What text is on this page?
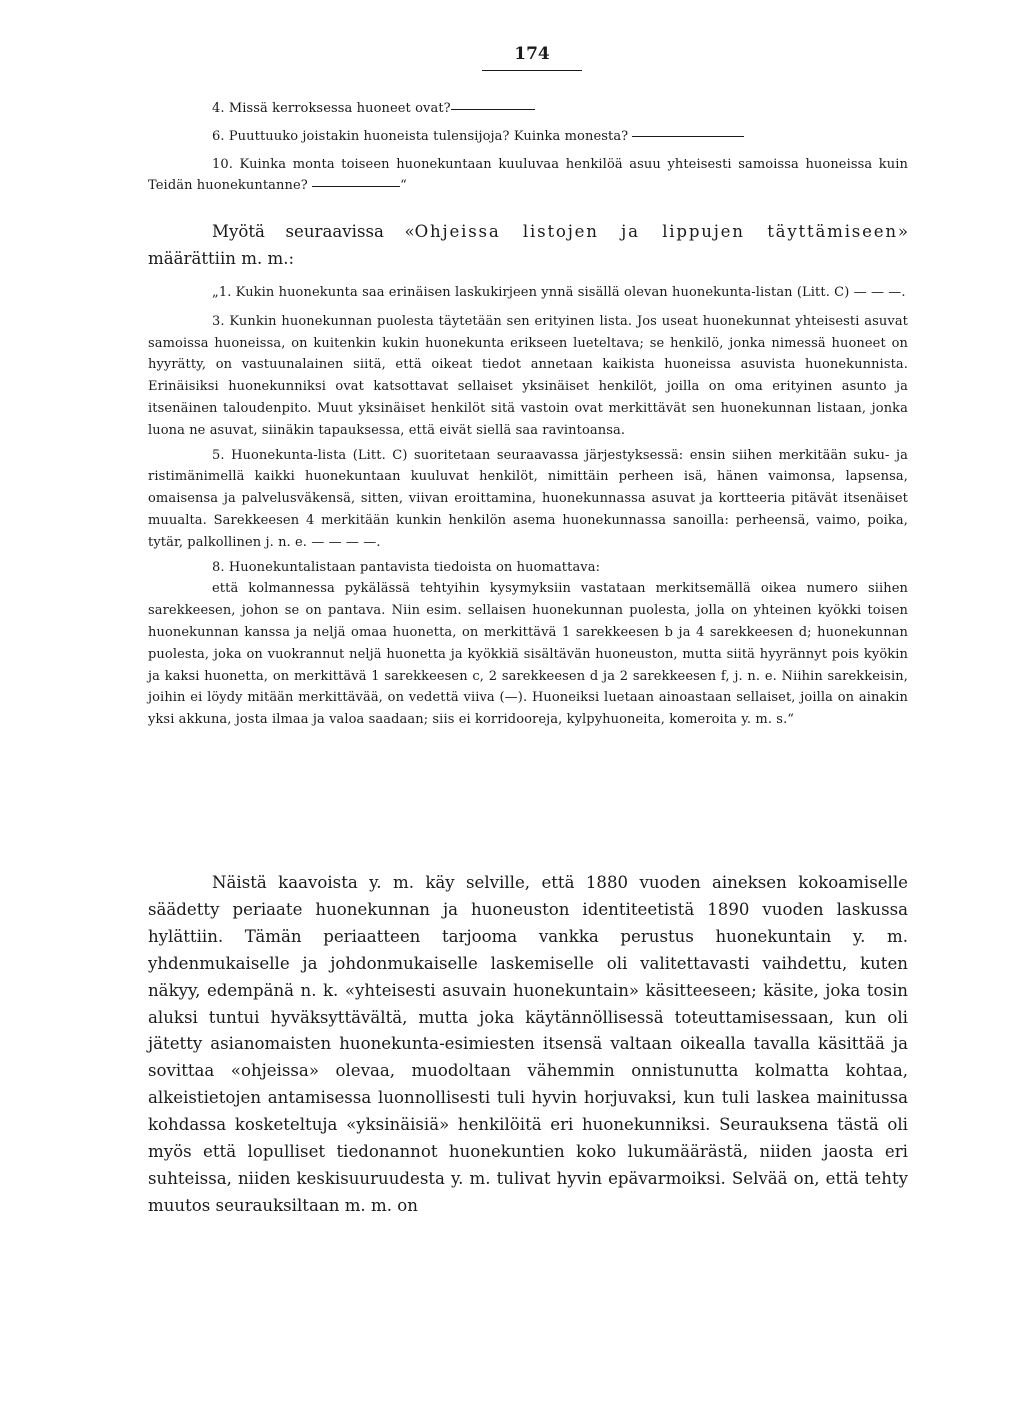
174

4. Missä kerroksessa huoneet ovat?

6. Puuttuuko joistakin huoneista tulensijoja? Kuinka monesta?

10. Kuinka monta toiseen huonekuntaan kuuluvaa henkilöä asuu yhteisesti samoissa huoneissa kuin Teidän huonekuntanne?	“

Myötä seuraavissa «Ohjeissa listojen ja lippujen täyttämiseen» määrättiin m. m.:

„1. Kukin huonekunta saa erinäisen laskukirjeen ynnä sisällä olevan huonekunta-listan (Litt. C) — — —.

3. Kunkin huonekunnan puolesta täytetään sen erityinen lista. Jos useat huonekunnat yhteisesti asuvat samoissa huoneissa, on kuitenkin kukin huonekunta erikseen lueteltava; se henkilö, jonka nimessä huoneet on hyyrätty, on vastuunalainen siitä, että oikeat tiedot annetaan kaikista huoneissa asuvista huonekunnista. Erinäisiksi huonekunniksi ovat katsottavat sellaiset yksinäiset henkilöt, joilla on oma erityinen asunto ja itsenäinen taloudenpito. Muut yksinäiset henkilöt sitä vastoin ovat merkittävät sen huonekunnan listaan, jonka luona ne asuvat, siinäkin tapauksessa, että eivät siellä saa ravintoansa.

5. Huonekunta-lista (Litt. C) suoritetaan seuraavassa järjestyksessä: ensin siihen merkitään suku- ja ristimänimellä kaikki huonekuntaan kuuluvat henkilöt, nimittäin perheen isä, hänen vaimonsa, lapsensa, omaisensa ja palvelusväkensä, sitten, viivan eroittamina, huonekunnassa asuvat ja kortteeria pitävät itsenäiset muualta. Sarekkeesen 4 merkitään kunkin henkilön asema huonekunnassa sanoilla: perheensä, vaimo, poika, tytär, palkollinen j. n. e. — — — —.

8. Huonekuntalistaan pantavista tiedoista on huomattava:

että kolmannessa pykälässä tehtyihin kysymyksiin vastataan merkitsemällä oikea numero siihen sarekkeesen, johon se on pantava. Niin esim. sellaisen huonekunnan puolesta, jolla on yhteinen kyökki toisen huonekunnan kanssa ja neljä omaa huonetta, on merkittävä 1 sarekkeesen b ja 4 sarekkeesen d; huonekunnan puolesta, joka on vuokrannut neljä huonetta ja kyökkiä sisältävän huoneuston, mutta siitä hyyrännyt pois kyökin ja kaksi huonetta, on merkittävä 1 sarekkeesen c, 2 sarekkeesen d ja 2 sarekkeesen f, j. n. e. Niihin sarekkeisin, joihin ei löydy mitään merkittävää, on vedettä viiva (—). Huoneiksi luetaan ainoastaan sellaiset, joilla on ainakin yksi akkuna, josta ilmaa ja valoa saadaan; siis ei korridooreja, kylpyhuoneita, komeroita y. m. s.“

Näistä kaavoista y. m. käy selville, että 1880 vuoden aineksen kokoamiselle säädetty periaate huonekunnan ja huoneuston identiteetistä 1890 vuoden laskussa hylättiin. Tämän periaatteen tarjooma vankka perustus huonekuntain y. m. yhdenmukaiselle ja johdonmukaiselle laskemiselle oli valitettavasti vaihdettu, kuten näkyy, edempänä n. k. «yhteisesti asuvain huonekuntain» käsitteeseen; käsite, joka tosin aluksi tuntui hyväksyttävältä, mutta joka käytännöllisessä toteuttamisessaan, kun oli jätetty asianomaisten huonekunta-esimiesten itsensä valtaan oikealla tavalla käsittää ja sovittaa «ohjeissa» olevaa, muodoltaan vähemmin onnistunutta kolmatta kohtaa, alkeistietojen antamisessa luonnollisesti tuli hyvin horjuvaksi, kun tuli laskea mainitussa kohdassa kosketeltuja «yksinäisiä» henkilöitä eri huonekunniksi. Seurauksena tästä oli myös että lopulliset tiedonannot huonekuntien koko lukumäärästä, niiden jaosta eri suhteissa, niiden keskisuuruudesta y. m. tulivat hyvin epävarmoiksi. Selvää on, että tehty muutos seurauksiltaan m. m. on
